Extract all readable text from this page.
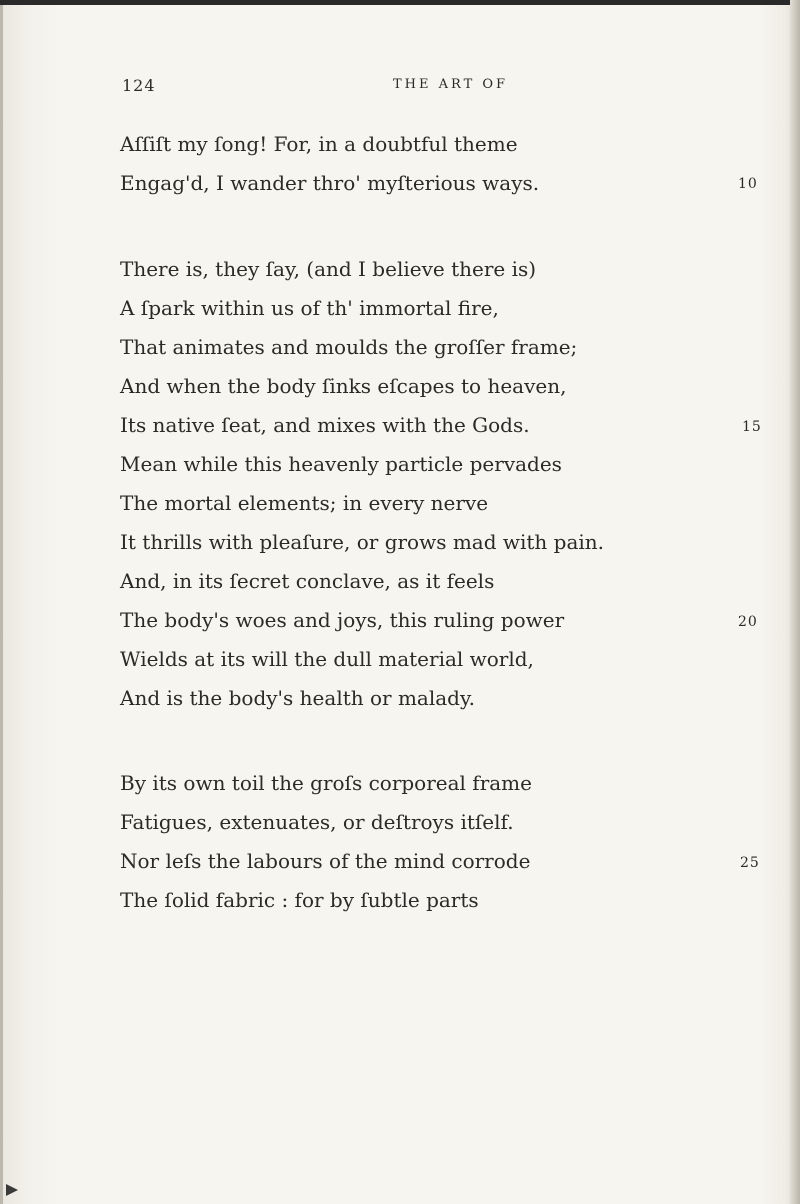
124	THE ART OF
Aſſiſt my ſong! For, in a doubtful theme
Engag'd, I wander thro' myſterious ways.
There is, they ſay, (and I believe there is)
A ſpark within us of th' immortal fire,
That animates and moulds the groſſer frame;
And when the body ſinks eſcapes to heaven,
Its native ſeat, and mixes with the Gods.
Mean while this heavenly particle pervades
The mortal elements; in every nerve
It thrills with pleaſure, or grows mad with pain.
And, in its ſecret conclave, as it feels
The body's woes and joys, this ruling power
Wields at its will the dull material world,
And is the body's health or malady.
By its own toil the groſs corporeal frame
Fatigues, extenuates, or deſtroys itſelf.
Nor leſs the labours of the mind corrode
The ſolid fabric : for by ſubtle parts
10
15
20
25
